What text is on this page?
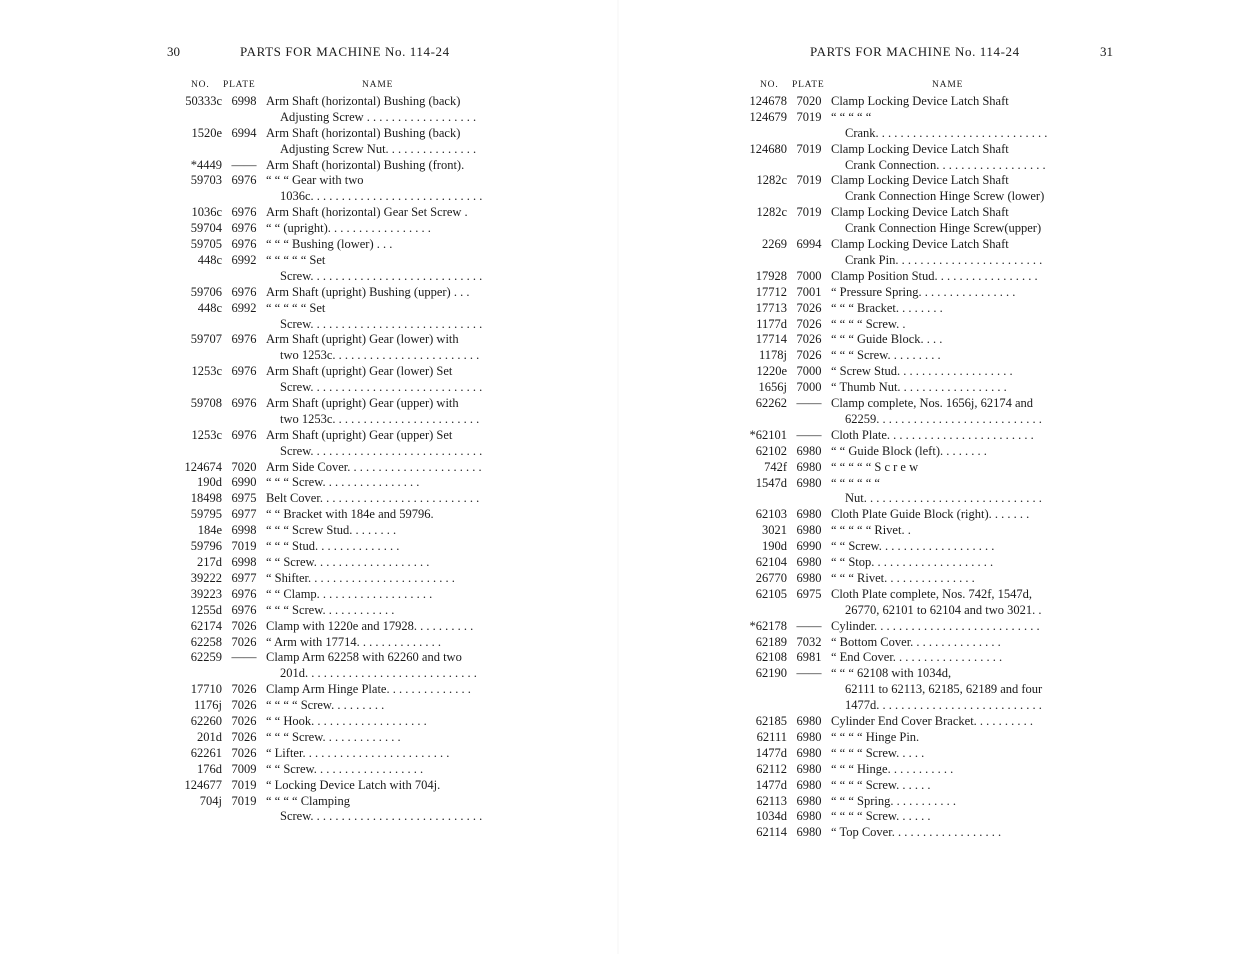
30	PARTS FOR MACHINE No. 114-24
NO. PLATE	NAME
50333c 6998 Arm Shaft (horizontal) Bushing (back)
Adjusting Screw . . . . . . . . . . . . . . . . . .
1520e 6994 Arm Shaft (horizontal) Bushing (back)
Adjusting Screw Nut. . . . . . . . . . . . . . .
*4449 —— Arm Shaft (horizontal) Bushing (front).
59703 6976 “ “ “ Gear with two
1036c. . . . . . . . . . . . . . . . . . . . . . . . . . . .
1036c 6976 Arm Shaft (horizontal) Gear Set Screw .
59704 6976 “ “ (upright). . . . . . . . . . . . . . . . .
59705 6976 “ “ “ Bushing (lower) . . .
448c 6992 “ “ “ “ “ Set
Screw. . . . . . . . . . . . . . . . . . . . . . . . . . . .
59706 6976 Arm Shaft (upright) Bushing (upper) . . .
448c 6992 “ “ “ “ “ Set
Screw. . . . . . . . . . . . . . . . . . . . . . . . . . . .
59707 6976 Arm Shaft (upright) Gear (lower) with
two 1253c. . . . . . . . . . . . . . . . . . . . . . . .
1253c 6976 Arm Shaft (upright) Gear (lower) Set
Screw. . . . . . . . . . . . . . . . . . . . . . . . . . . .
59708 6976 Arm Shaft (upright) Gear (upper) with
two 1253c. . . . . . . . . . . . . . . . . . . . . . . .
1253c 6976 Arm Shaft (upright) Gear (upper) Set
Screw. . . . . . . . . . . . . . . . . . . . . . . . . . . .
124674 7020 Arm Side Cover. . . . . . . . . . . . . . . . . . . . . .
190d 6990 “ “ “ Screw. . . . . . . . . . . . . . . .
18498 6975 Belt Cover. . . . . . . . . . . . . . . . . . . . . . . . . .
59795 6977 “ “ Bracket with 184e and 59796.
184e 6998 “ “ “ Screw Stud. . . . . . . .
59796 7019 “ “ “ Stud. . . . . . . . . . . . . .
217d 6998 “ “ Screw. . . . . . . . . . . . . . . . . . .
39222 6977 “ Shifter. . . . . . . . . . . . . . . . . . . . . . . .
39223 6976 “ “ Clamp. . . . . . . . . . . . . . . . . . .
1255d 6976 “ “ “ Screw. . . . . . . . . . . .
62174 7026 Clamp with 1220e and 17928. . . . . . . . . .
62258 7026 “ Arm with 17714. . . . . . . . . . . . . .
62259 —— Clamp Arm 62258 with 62260 and two
201d. . . . . . . . . . . . . . . . . . . . . . . . . . . .
17710 7026 Clamp Arm Hinge Plate. . . . . . . . . . . . . .
1176j 7026 “ “ “ “ Screw. . . . . . . . .
62260 7026 “ “ Hook. . . . . . . . . . . . . . . . . . .
201d 7026 “ “ “ Screw. . . . . . . . . . . . .
62261 7026 “ Lifter. . . . . . . . . . . . . . . . . . . . . . . .
176d 7009 “ “ Screw. . . . . . . . . . . . . . . . . .
124677 7019 “ Locking Device Latch with 704j.
704j 7019 “ “ “ “ Clamping
Screw. . . . . . . . . . . . . . . . . . . . . . . . . . . .
31
PARTS FOR MACHINE No. 114-24
NO. PLATE	NAME
124678 7020 Clamp Locking Device Latch Shaft
124679 7019 “ “ “ “ “
Crank. . . . . . . . . . . . . . . . . . . . . . . . . . . .
124680 7019 Clamp Locking Device Latch Shaft
Crank Connection. . . . . . . . . . . . . . . . . .
1282c 7019 Clamp Locking Device Latch Shaft
Crank Connection Hinge Screw (lower)
1282c 7019 Clamp Locking Device Latch Shaft
Crank Connection Hinge Screw(upper)
2269 6994 Clamp Locking Device Latch Shaft
Crank Pin. . . . . . . . . . . . . . . . . . . . . . . .
17928 7000 Clamp Position Stud. . . . . . . . . . . . . . . . .
17712 7001 “ Pressure Spring. . . . . . . . . . . . . . . .
17713 7026 “ “ “ Bracket. . . . . . . .
1177d 7026 “ “ “ “ Screw. .
17714 7026 “ “ “ Guide Block. . . .
1178j 7026 “ “ “ Screw. . . . . . . . .
1220e 7000 “ Screw Stud. . . . . . . . . . . . . . . . . . .
1656j 7000 “ Thumb Nut. . . . . . . . . . . . . . . . . .
62262 —— Clamp complete, Nos. 1656j, 62174 and
62259. . . . . . . . . . . . . . . . . . . . . . . . . . .
*62101 —— Cloth Plate. . . . . . . . . . . . . . . . . . . . . . . .
62102 6980 “ “ Guide Block (left). . . . . . . .
742f 6980 “ “ “ “ “ S c r e w
1547d 6980 “ “ “ “ “ “
Nut. . . . . . . . . . . . . . . . . . . . . . . . . . . . .
62103 6980 Cloth Plate Guide Block (right). . . . . . .
3021 6980 “ “ “ “ “ Rivet. .
190d 6990 “ “ Screw. . . . . . . . . . . . . . . . . . .
62104 6980 “ “ Stop. . . . . . . . . . . . . . . . . . . .
26770 6980 “ “ “ Rivet. . . . . . . . . . . . . . .
62105 6975 Cloth Plate complete, Nos. 742f, 1547d,
26770, 62101 to 62104 and two 3021. .
*62178 —— Cylinder. . . . . . . . . . . . . . . . . . . . . . . . . . .
62189 7032 “ Bottom Cover. . . . . . . . . . . . . . .
62108 6981 “ End Cover. . . . . . . . . . . . . . . . . .
62190 —— “ “ “ 62108 with 1034d,
62111 to 62113, 62185, 62189 and four
1477d. . . . . . . . . . . . . . . . . . . . . . . . . . .
62185 6980 Cylinder End Cover Bracket. . . . . . . . . .
62111 6980 “ “ “ “ Hinge Pin.
1477d 6980 “ “ “ “ Screw. . . . .
62112 6980 “ “ “ Hinge. . . . . . . . . . .
1477d 6980 “ “ “ “ Screw. . . . . .
62113 6980 “ “ “ Spring. . . . . . . . . . .
1034d 6980 “ “ “ “ Screw. . . . . .
62114 6980 “ Top Cover. . . . . . . . . . . . . . . . . .
